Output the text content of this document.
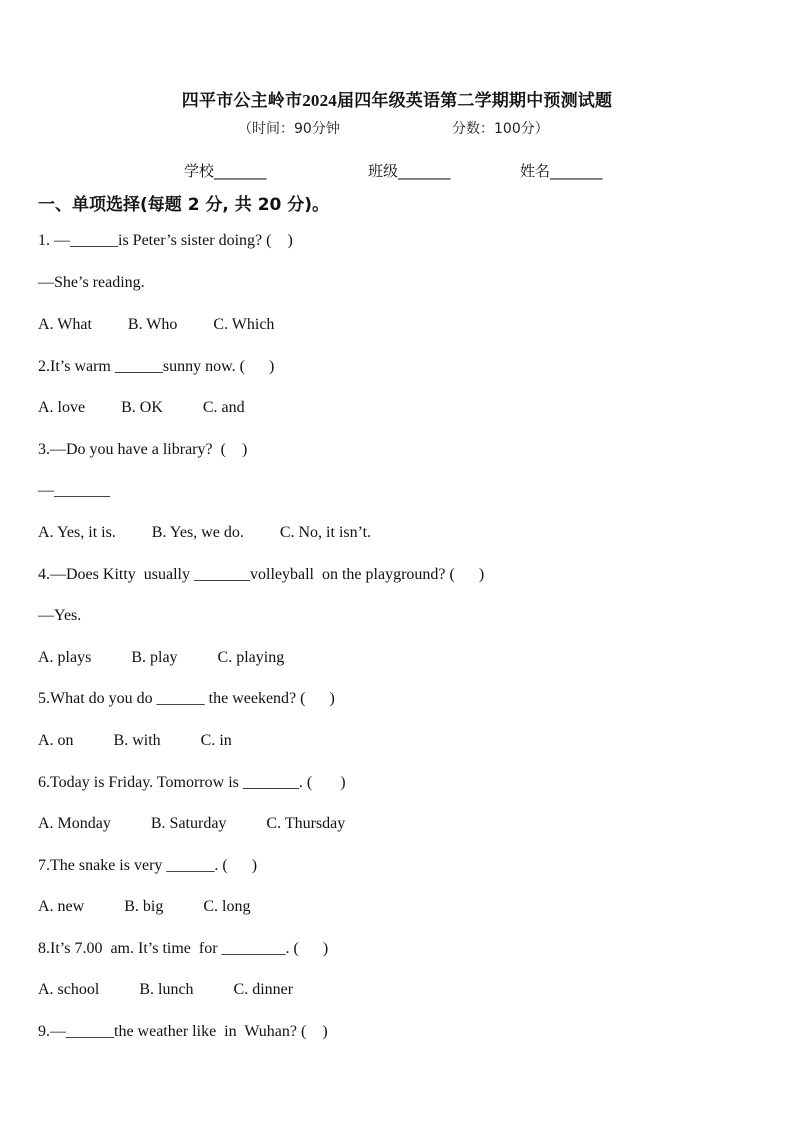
四平市公主岭市2024届四年级英语第二学期期中预测试题
（时间：90分钟	分数：100分）
学校_______	班级_______	姓名_______
一、单项选择(每题 2 分, 共 20 分)。
1. —______is Peter’s sister doing? (    )
—She’s reading.
A. What         B. Who         C. Which
2.It’s warm ______sunny now. (      )
A. love         B. OK          C. and
3.—Do you have a library?  (    )
—_______
A. Yes, it is.         B. Yes, we do.         C. No, it isn’t.
4.—Does Kitty  usually _______volleyball  on the playground? (      )
—Yes.
A. plays          B. play          C. playing
5.What do you do ______ the weekend? (      )
A. on          B. with          C. in
6.Today is Friday. Tomorrow is _______. (       )
A. Monday          B. Saturday          C. Thursday
7.The snake is very ______. (      )
A. new          B. big          C. long
8.It’s 7.00  am. It’s time  for ________. (      )
A. school          B. lunch          C. dinner
9.—______the weather like  in  Wuhan? (    )
